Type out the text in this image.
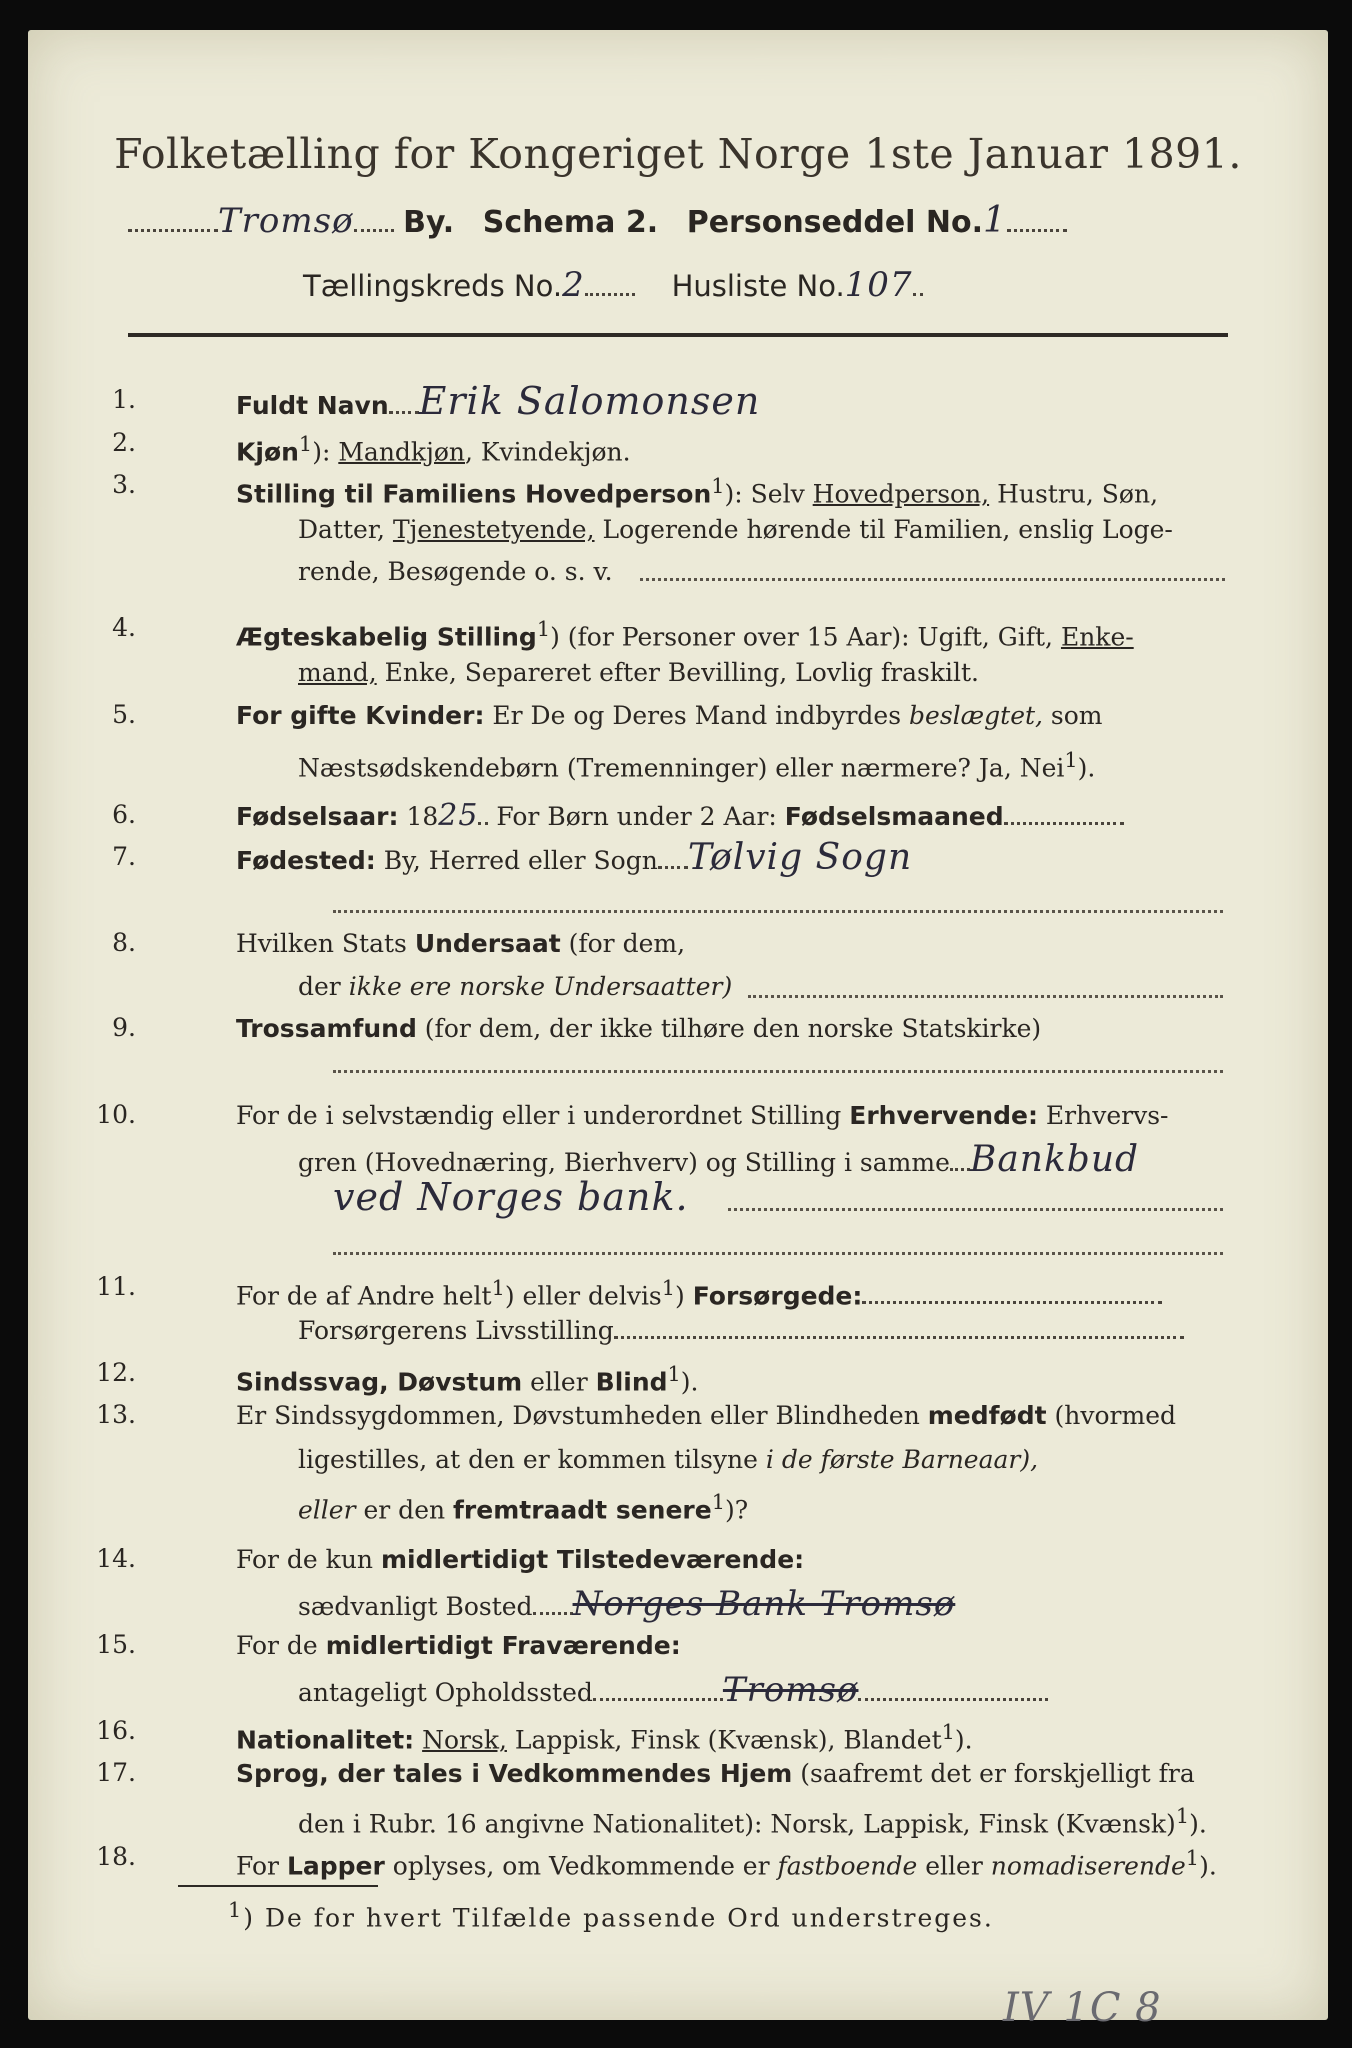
Folketælling for Kongeriget Norge 1ste Januar 1891.
Tromsø By. Schema 2. Personseddel No.1
Tællingskreds No.2	Husliste No.107
1.	Fuldt Navn Erik Salomonsen
2.	Kjøn$^1$): Mandkjøn, Kvindekjøn.
3.	Stilling til Familiens Hovedperson$^1$): Selv Hovedperson, Hustru, Søn,
Datter, Tjenestetyende, Logerende hørende til Familien, enslig Loge-
rende, Besøgende o. s. v.
4.	Ægteskabelig Stilling$^1$) (for Personer over 15 Aar): Ugift, Gift, Enke-
mand, Enke, Separeret efter Bevilling, Lovlig fraskilt.
5.	For gifte Kvinder: Er De og Deres Mand indbyrdes beslægtet, som
Næstsødskendebørn (Tremenninger) eller nærmere? Ja, Nei$^1$).
6.	Fødselsaar: 1825 For Børn under 2 Aar: Fødselsmaaned
7.	Fødested: By, Herred eller Sogn Tølvig Sogn
8.	Hvilken Stats Undersaat (for dem,
der ikke ere norske Undersaatter)
9.	Trossamfund (for dem, der ikke tilhøre den norske Statskirke)
10.	For de i selvstændig eller i underordnet Stilling Erhvervende: Erhvervs-
gren (Hovednæring, Bierhverv) og Stilling i samme Bankbud
ved Norges bank.
11.	For de af Andre helt$^1$) eller delvis$^1$) Forsørgede:
Forsørgerens Livsstilling
12.	Sindssvag, Døvstum eller Blind$^1$).
13.	Er Sindssygdommen, Døvstumheden eller Blindheden medfødt (hvormed
ligestilles, at den er kommen tilsyne i de første Barneaar),
eller er den fremtraadt senere$^1$)?
14.	For de kun midlertidigt Tilstedeværende:
sædvanligt Bosted Norges Bank Tromsø
15.	For de midlertidigt Fraværende:
antageligt Opholdssted	Tromsø
16.	Nationalitet: Norsk, Lappisk, Finsk (Kvænsk), Blandet$^1$).
17.	Sprog, der tales i Vedkommendes Hjem (saafremt det er forskjelligt fra
den i Rubr. 16 angivne Nationalitet): Norsk, Lappisk, Finsk (Kvænsk)$^1$).
18.	For Lapper oplyses, om Vedkommende er fastboende eller nomadiserende$^1$).
$^1$) De for hvert Tilfælde passende Ord understreges.
IV 1C 8
